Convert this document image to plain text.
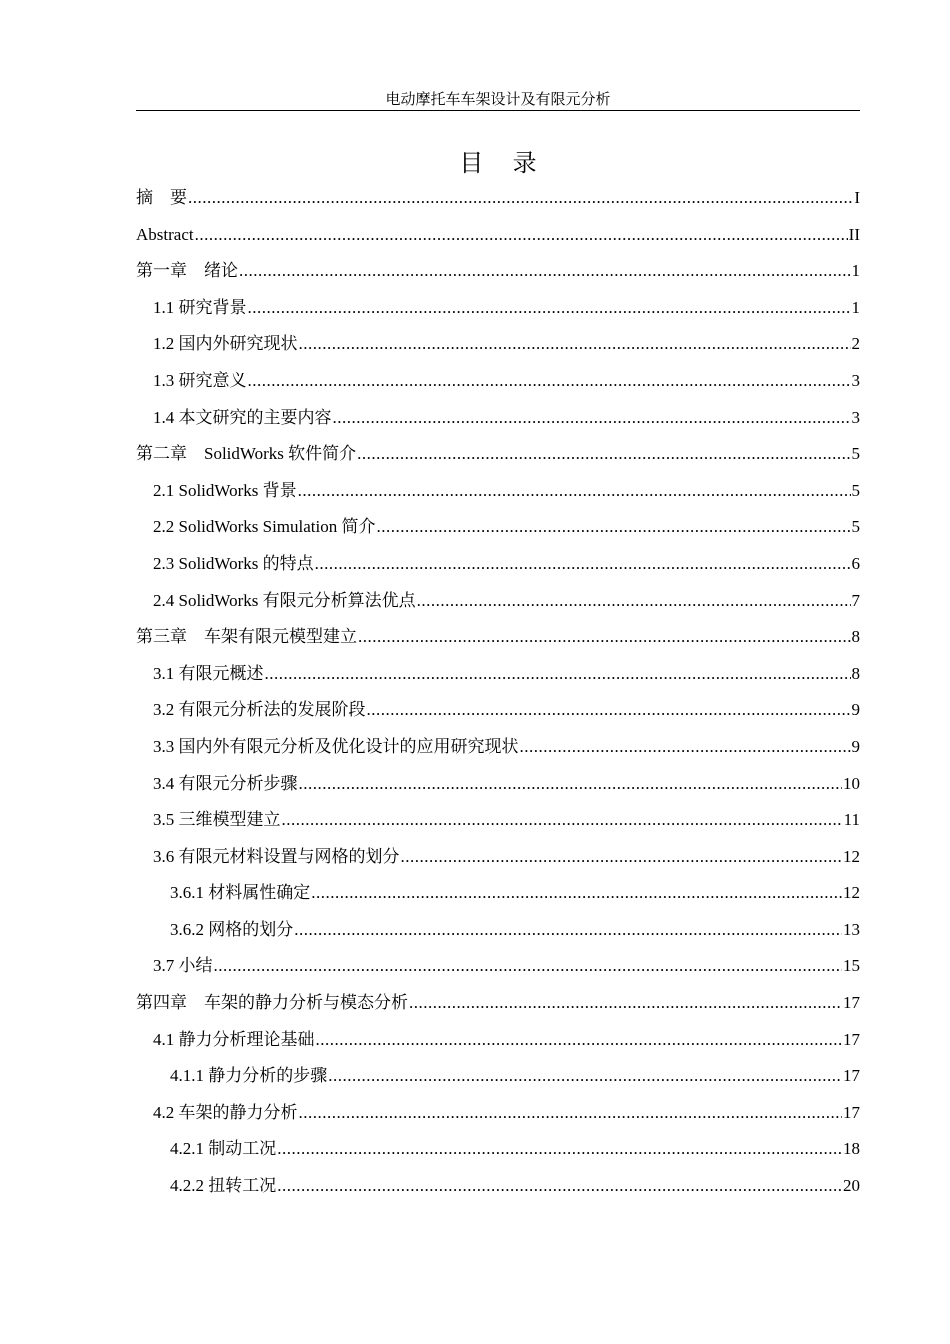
电动摩托车车架设计及有限元分析
目 录
摘　要 .....	I
Abstract .....	II
第一章　绪论 .....	1
1.1 研究背景 .....	1
1.2 国内外研究现状 .....	2
1.3 研究意义 .....	3
1.4 本文研究的主要内容 .....	3
第二章　SolidWorks 软件简介 .....	5
2.1 SolidWorks 背景 .....	5
2.2 SolidWorks Simulation 简介 .....	5
2.3 SolidWorks 的特点 .....	6
2.4 SolidWorks 有限元分析算法优点 .....	7
第三章　车架有限元模型建立 .....	8
3.1 有限元概述 .....	8
3.2 有限元分析法的发展阶段 .....	9
3.3 国内外有限元分析及优化设计的应用研究现状 .....	9
3.4 有限元分析步骤 .....	10
3.5 三维模型建立 .....	11
3.6 有限元材料设置与网格的划分 .....	12
3.6.1 材料属性确定 .....	12
3.6.2 网格的划分 .....	13
3.7 小结 .....	15
第四章　车架的静力分析与模态分析 .....	17
4.1 静力分析理论基础 .....	17
4.1.1 静力分析的步骤 .....	17
4.2 车架的静力分析 .....	17
4.2.1 制动工况 .....	18
4.2.2 扭转工况 .....	20
